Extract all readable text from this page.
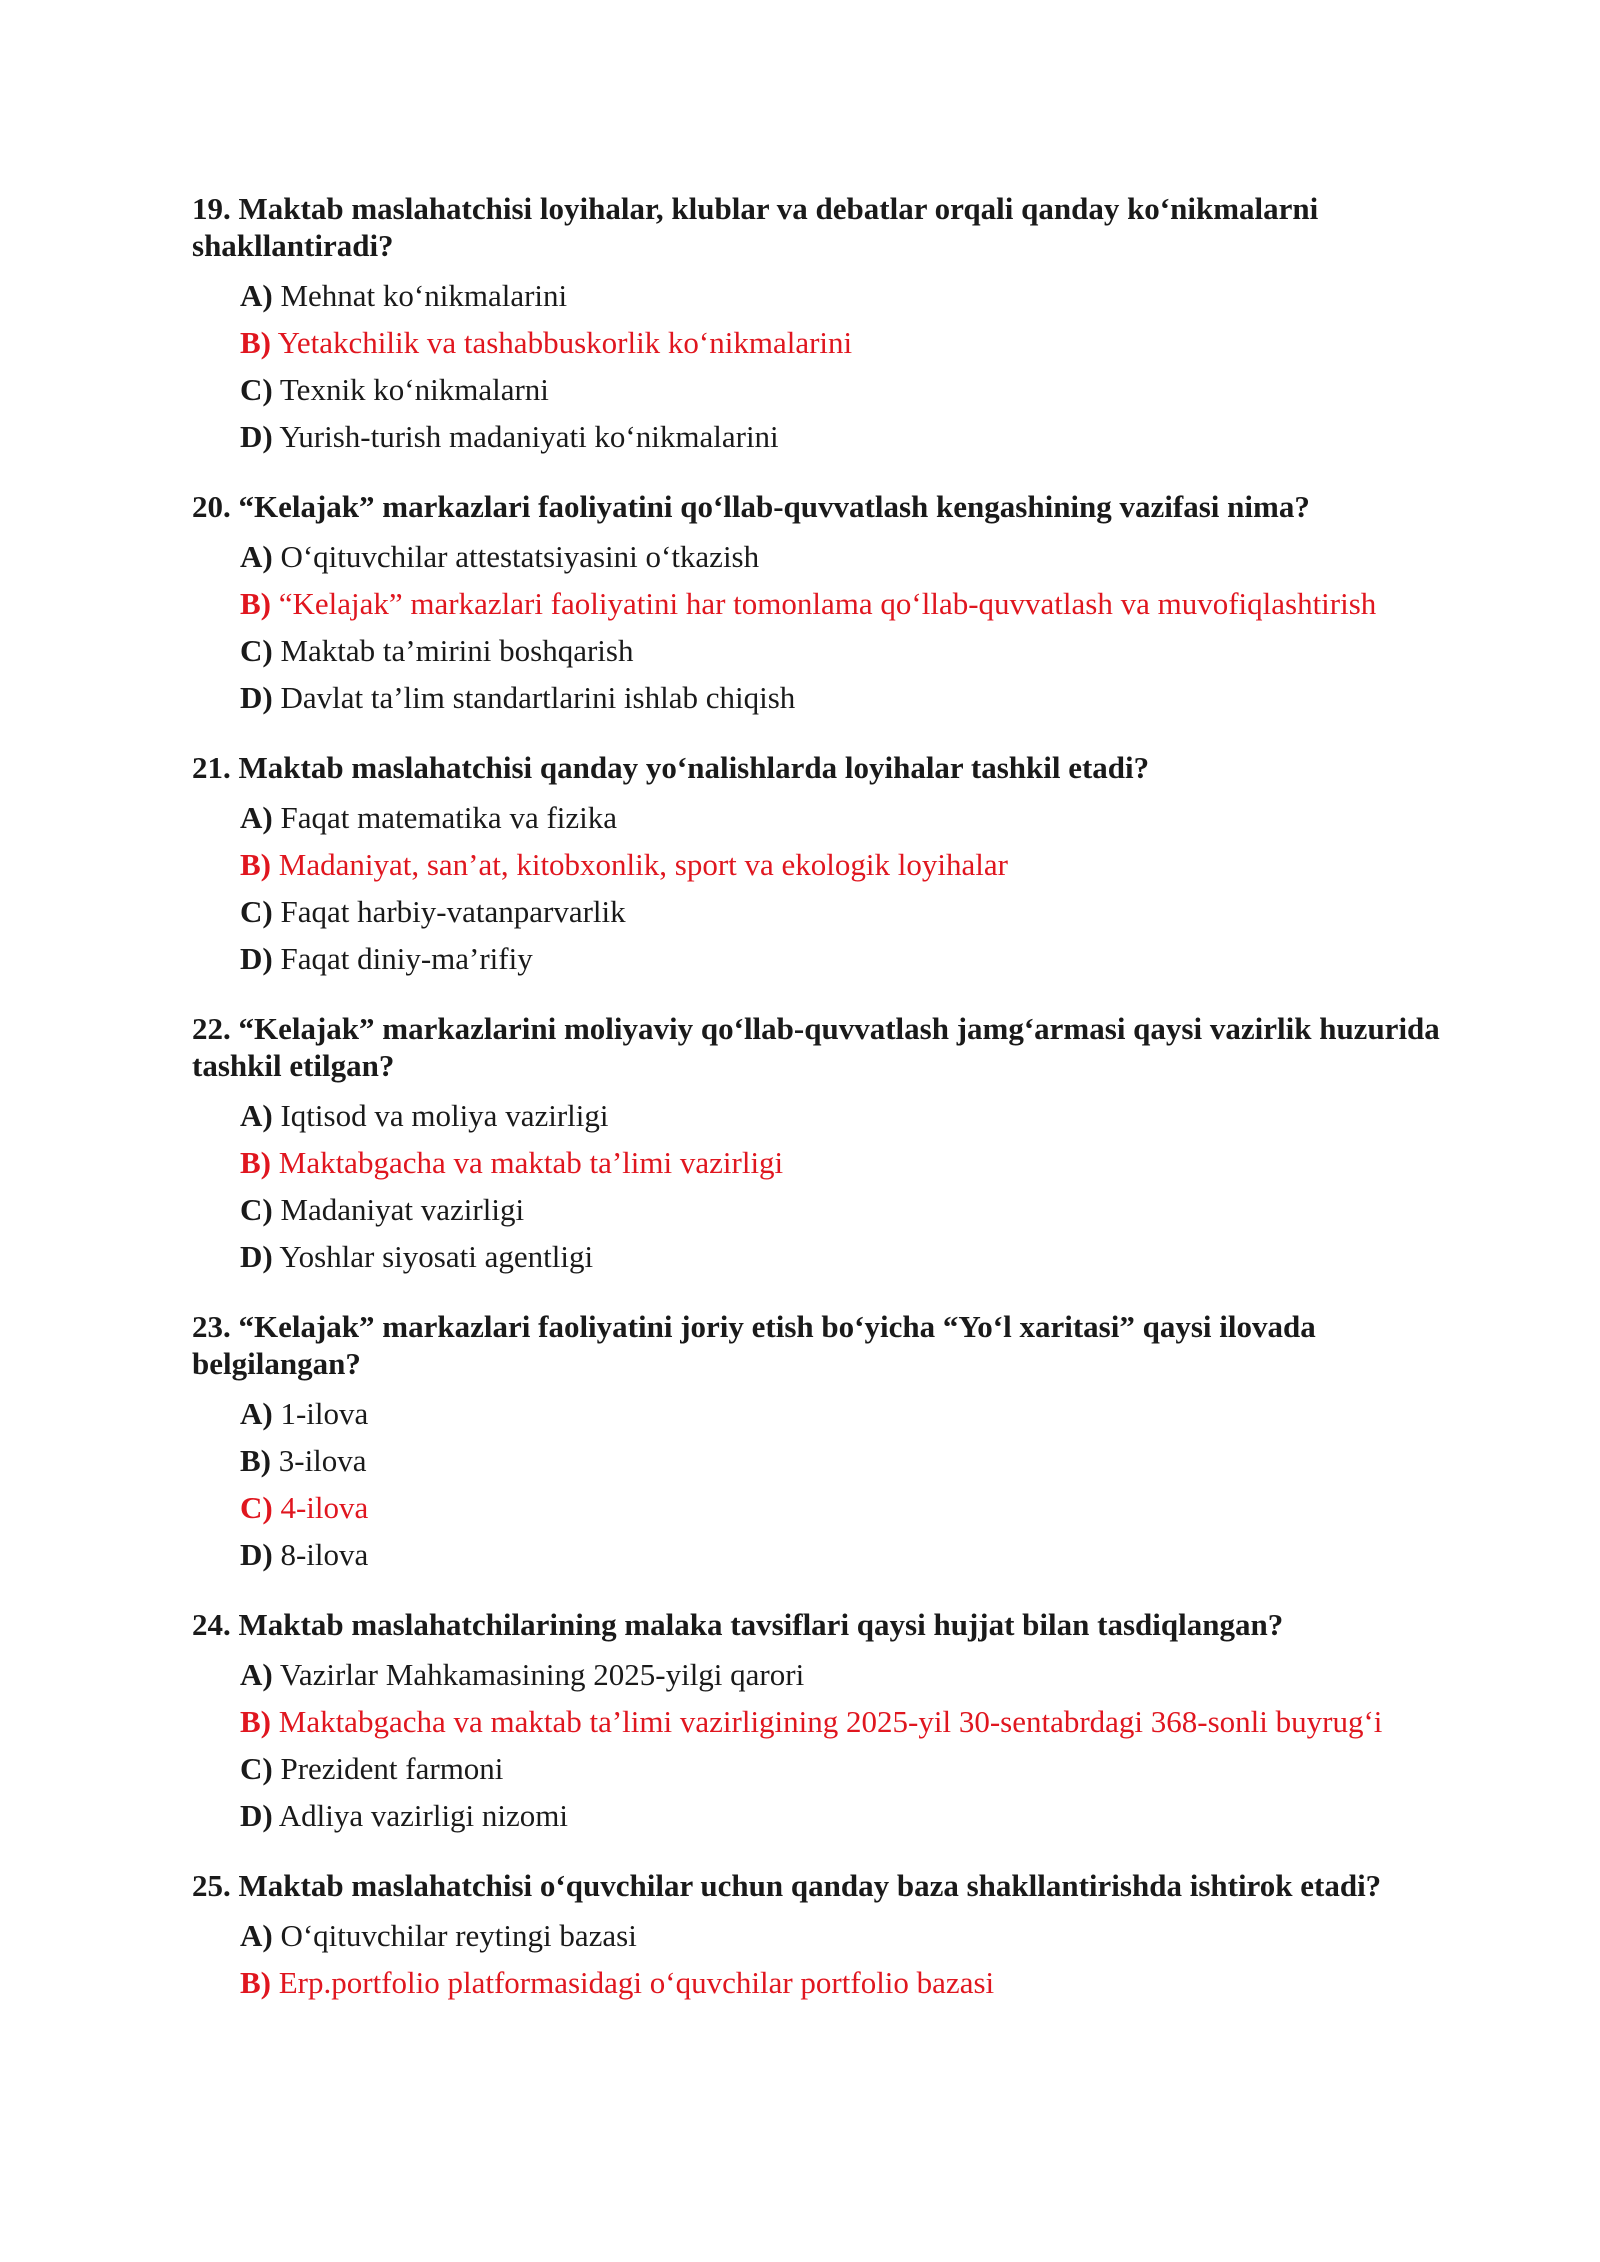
19. Maktab maslahatchisi loyihalar, klublar va debatlar orqali qanday ko‘nikmalarni shakllantiradi?
A) Mehnat ko‘nikmalarini
B) Yetakchilik va tashabbuskorlik ko‘nikmalarini
C) Texnik ko‘nikmalarni
D) Yurish-turish madaniyati ko‘nikmalarini
20. “Kelajak” markazlari faoliyatini qo‘llab-quvvatlash kengashining vazifasi nima?
A) O‘qituvchilar attestatsiyasini o‘tkazish
B) “Kelajak” markazlari faoliyatini har tomonlama qo‘llab-quvvatlash va muvofiqlashtirish
C) Maktab ta’mirini boshqarish
D) Davlat ta’lim standartlarini ishlab chiqish
21. Maktab maslahatchisi qanday yo‘nalishlarda loyihalar tashkil etadi?
A) Faqat matematika va fizika
B) Madaniyat, san’at, kitobxonlik, sport va ekologik loyihalar
C) Faqat harbiy-vatanparvarlik
D) Faqat diniy-ma’rifiy
22. “Kelajak” markazlarini moliyaviy qo‘llab-quvvatlash jamg‘armasi qaysi vazirlik huzurida tashkil etilgan?
A) Iqtisod va moliya vazirligi
B) Maktabgacha va maktab ta’limi vazirligi
C) Madaniyat vazirligi
D) Yoshlar siyosati agentligi
23. “Kelajak” markazlari faoliyatini joriy etish bo‘yicha “Yo‘l xaritasi” qaysi ilovada belgilangan?
A) 1-ilova
B) 3-ilova
C) 4-ilova
D) 8-ilova
24. Maktab maslahatchilarining malaka tavsiflari qaysi hujjat bilan tasdiqlangan?
A) Vazirlar Mahkamasining 2025-yilgi qarori
B) Maktabgacha va maktab ta’limi vazirligining 2025-yil 30-sentabrdagi 368-sonli buyrug‘i
C) Prezident farmoni
D) Adliya vazirligi nizomi
25. Maktab maslahatchisi o‘quvchilar uchun qanday baza shakllantirishda ishtirok etadi?
A) O‘qituvchilar reytingi bazasi
B) Erp.portfolio platformasidagi o‘quvchilar portfolio bazasi
